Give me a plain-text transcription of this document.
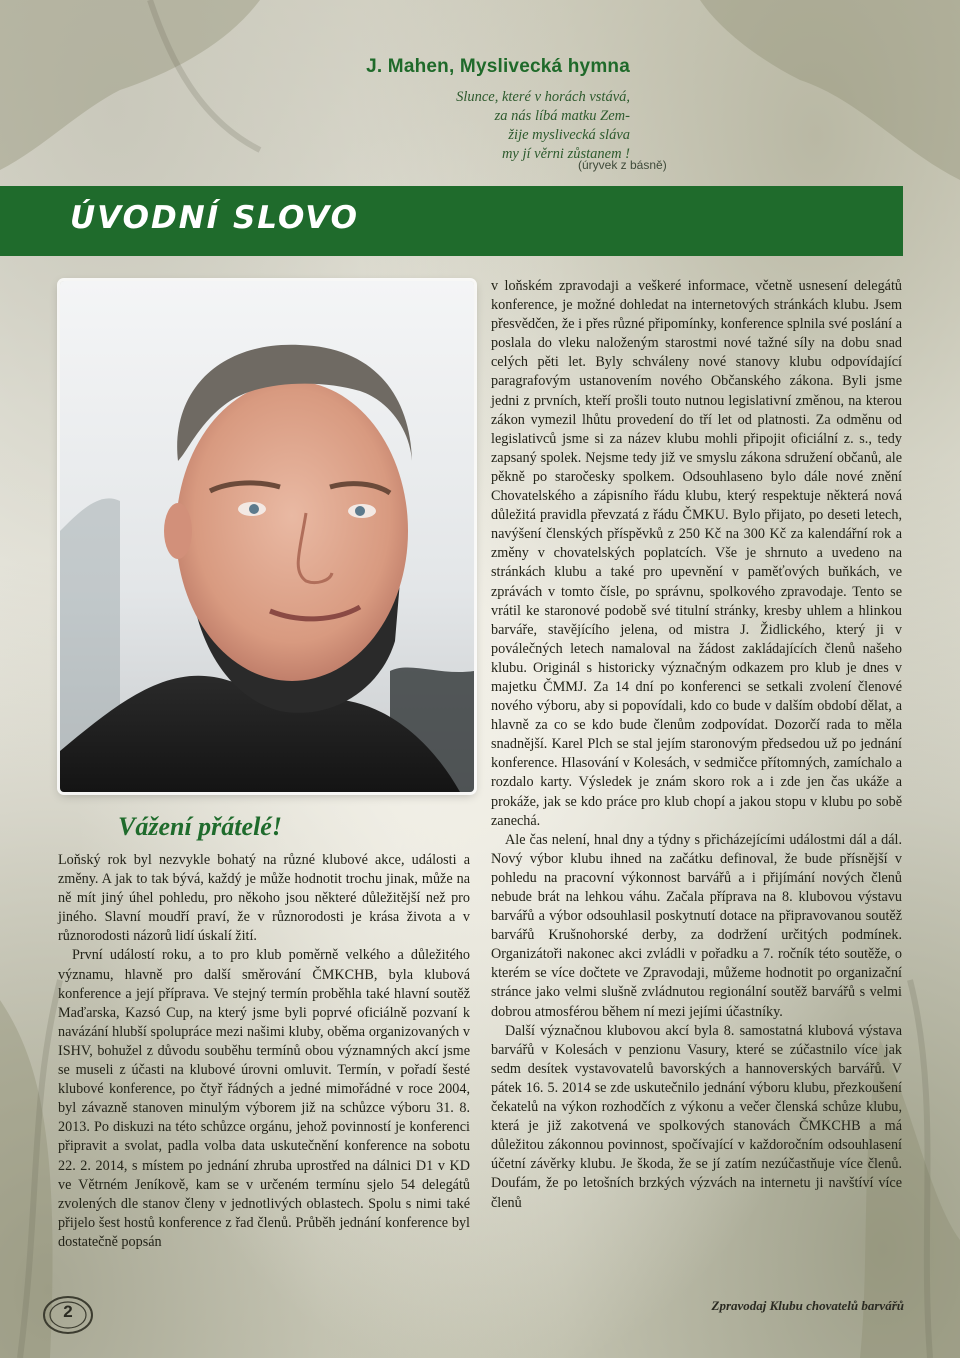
J. Mahen, Myslivecká hymna
Slunce, které v horách vstává,
za nás líbá matku Zem-
žije myslivecká sláva
my jí věrni zůstanem !
(úryvek z básně)
ÚVODNÍ SLOVO
Vážení přátelé!

Loňský rok byl nezvykle bohatý na různé klubové akce, události a změny. A jak to tak bývá, každý je může hodnotit trochu jinak, může na ně mít jiný úhel pohledu, pro někoho jsou některé důležitější než pro jiného. Slavní moudří praví, že v různorodosti je krása života a v různorodosti názorů lidí úskalí žití.

První událostí roku, a to pro klub poměrně velkého a důležitého významu, hlavně pro další směrování ČMKCHB, byla klubová konference a její příprava. Ve stejný termín proběhla také hlavní soutěž Maďarska, Kazsó Cup, na který jsme byli poprvé oficiálně pozvaní k navázání hlubší spolupráce mezi našimi kluby, oběma organizovaných v ISHV, bohužel z důvodu souběhu termínů obou významných akcí jsme se museli z účasti na klubové úrovni omluvit. Termín, v pořadí šesté klubové konference, po čtyř řádných a jedné mimořádné v roce 2004, byl závazně stanoven minulým výborem již na schůzce výboru 31. 8. 2013. Po diskuzi na této schůzce orgánu, jehož povinností je konferenci připravit a svolat, padla volba data uskutečnění konference na sobotu 22. 2. 2014, s místem po jednání zhruba uprostřed na dálnici D1 v KD ve Větrném Jeníkově, kam se v určeném termínu sjelo 54 delegátů zvolených dle stanov členy v jednotlivých oblastech. Spolu s nimi také přijelo šest hostů konference z řad členů. Průběh jednání konference byl dostatečně popsán

v loňském zpravodaji a veškeré informace, včetně usnesení delegátů konference, je možné dohledat na internetových stránkách klubu. Jsem přesvědčen, že i přes různé připomínky, konference splnila své poslání a poslala do vleku naloženým starostmi nové tažné síly na dobu snad celých pěti let. Byly schváleny nové stanovy klubu odpovídající paragrafovým ustanovením nového Občanského zákona. Byli jsme jedni z prvních, kteří prošli touto nutnou legislativní změnou, na kterou zákon vymezil lhůtu provedení do tří let od platnosti. Za odměnu od legislativců jsme si za název klubu mohli připojit oficiální z. s., tedy zapsaný spolek. Nejsme tedy již ve smyslu zákona sdružení občanů, ale pěkně po staročesky spolkem. Odsouhlaseno bylo dále nové znění Chovatelského a zápisního řádu klubu, který respektuje některá nová důležitá pravidla převzatá z řádu ČMKU. Bylo přijato, po deseti letech, navýšení členských příspěvků z 250 Kč na 300 Kč za kalendářní rok a změny v chovatelských poplatcích. Vše je shrnuto a uvedeno na stránkách klubu a také pro upevnění v paměťových buňkách, ve zprávách v tomto čísle, po správnu, spolkového zpravodaje. Tento se vrátil ke staronové podobě své titulní stránky, kresby uhlem a hlinkou barváře, stavějícího jelena, od mistra J. Židlického, který ji v poválečných letech namaloval na žádost zakládajících členů našeho klubu. Originál s historicky význačným odkazem pro klub je dnes v majetku ČMMJ. Za 14 dní po konferenci se setkali zvolení členové nového výboru, aby si popovídali, kdo co bude v dalším období dělat, a hlavně za co se kdo bude členům zodpovídat. Dozorčí rada to měla snadnější. Karel Plch se stal jejím staronovým předsedou už po jednání konference. Hlasování v Kolesách, v sedmičce přítomných, zamíchalo a rozdalo karty. Výsledek je znám skoro rok a i zde jen čas ukáže a prokáže, jak se kdo práce pro klub chopí a jakou stopu v klubu po sobě zanechá.

Ale čas nelení, hnal dny a týdny s přicházejícími událostmi dál a dál. Nový výbor klubu ihned na začátku definoval, že bude přísnější v pohledu na pracovní výkonnost barvářů a i přijímání nových členů nebude brát na lehkou váhu. Začala příprava na 8. klubovou výstavu barvářů a výbor odsouhlasil poskytnutí dotace na připravovanou soutěž barvářů Krušnohorské derby, za dodržení určitých podmínek. Organizátoři nakonec akci zvládli v pořadku a 7. ročník této soutěže, o kterém se více dočtete ve Zpravodaji, můžeme hodnotit po organizační stránce jako velmi slušně zvládnutou regionální soutěž barvářů s velmi dobrou atmosférou během ní mezi jejími účastníky.

Další význačnou klubovou akcí byla 8. samostatná klubová výstava barvářů v Kolesách v penzionu Vasury, které se zúčastnilo více jak sedm desítek vystavovatelů bavorských a hannoverských barvářů. V pátek 16. 5. 2014 se zde uskutečnilo jednání výboru klubu, přezkoušení čekatelů na výkon rozhodčích z výkonu a večer členská schůze klubu, která je již zakotvená ve spolkových stanovách ČMKCHB a má důležitou zákonnou povinnost, spočívající v každoročním odsouhlasení účetní závěrky klubu. Je škoda, že se jí zatím nezúčastňuje více členů. Doufám, že po letošních brzkých výzvách na internetu ji navštíví více členů

2	Zpravodaj Klubu chovatelů barvářů
